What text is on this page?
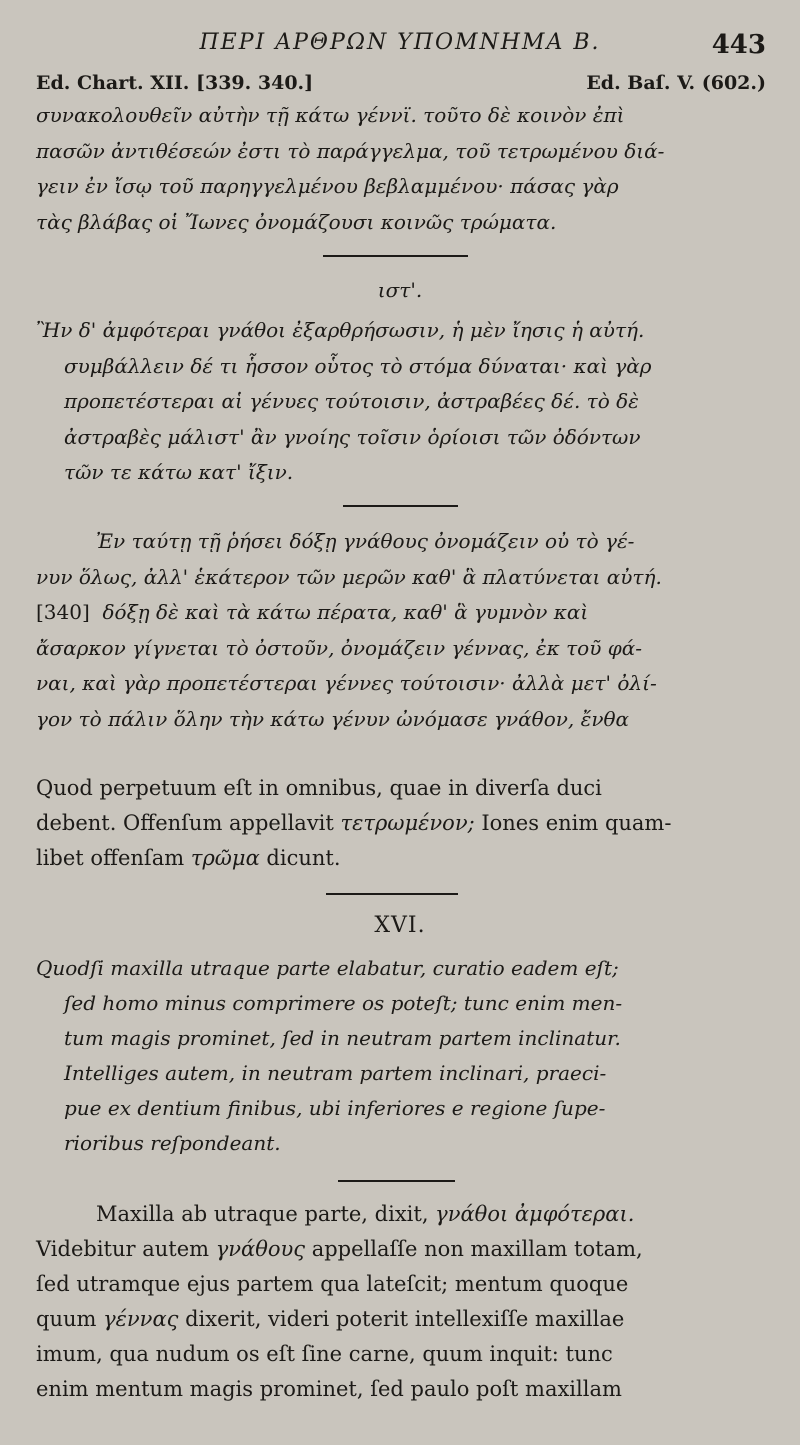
ΠΕΡΙ ΑΡΘΡΩΝ ΥΠΟΜΝΗΜΑ Β.	443
Ed. Chart. XII. [339. 340.]	Ed. Baſ. V. (602.)
συνακολουθεῖν αὐτὴν τῇ κάτω γέννϊ. τοῦτο δὲ κοινὸν ἐπὶ
πασῶν ἀντιθέσεών ἐστι τὸ παράγγελμα, τοῦ τετρωμένου διά-
γειν ἐν ἴσῳ τοῦ παρηγγελμένου βεβλαμμένου· πάσας γὰρ
τὰς βλάβας οἱ Ἴωνες ὀνομάζουσι κοινῶς τρώματα.
ιστ'.
Ἢν δ' ἀμφότεραι γνάθοι ἐξαρθρήσωσιν, ἡ μὲν ἴησις ἡ αὐτή.
συμβάλλειν δέ τι ἧσσον οὗτος τὸ στόμα δύναται· καὶ γὰρ
προπετέστεραι αἱ γένυες τούτοισιν, ἀστραβέες δέ. τὸ δὲ
ἀστραβὲς μάλιστ' ἂν γνοίης τοῖσιν ὁρίοισι τῶν ὀδόντων
τῶν τε κάτω κατ' ἴξιν.
Ἐν ταύτῃ τῇ ῥήσει δόξῃ γνάθους ὀνομάζειν οὐ τὸ γέ-
νυν ὅλως, ἀλλ' ἑκάτερον τῶν μερῶν καθ' ἃ πλατύνεται αὐτή.
[340] δόξῃ δὲ καὶ τὰ κάτω πέρατα, καθ' ἃ γυμνὸν καὶ
ἄσαρκον γίγνεται τὸ ὀστοῦν, ὀνομάζειν γέννας, ἐκ τοῦ φά-
ναι, καὶ γὰρ προπετέστεραι γέννες τούτοισιν· ἀλλὰ μετ' ὀλί-
γον τὸ πάλιν ὅλην τὴν κάτω γένυν ὠνόμασε γνάθον, ἔνθα
Quod perpetuum eſt in omnibus, quae in diverſa duci
debent. Offenſum appellavit τετρωμένον; Iones enim quam-
libet offenſam τρῶμα dicunt.
XVI.
Quodſi maxilla utraque parte elabatur, curatio eadem eſt;
ſed homo minus comprimere os poteſt; tunc enim men-
tum magis prominet, ſed in neutram partem inclinatur.
Intelliges autem, in neutram partem inclinari, praeci-
pue ex dentium finibus, ubi inferiores e regione ſupe-
rioribus reſpondeant.
Maxilla ab utraque parte, dixit, γνάθοι ἀμφότεραι.
Videbitur autem γνάθους appellaſſe non maxillam totam,
ſed utramque ejus partem qua lateſcit; mentum quoque
quum γέννας dixerit, videri poterit intellexiſſe maxillae
imum, qua nudum os eſt ſine carne, quum inquit: tunc
enim mentum magis prominet, ſed paulo poſt maxillam
